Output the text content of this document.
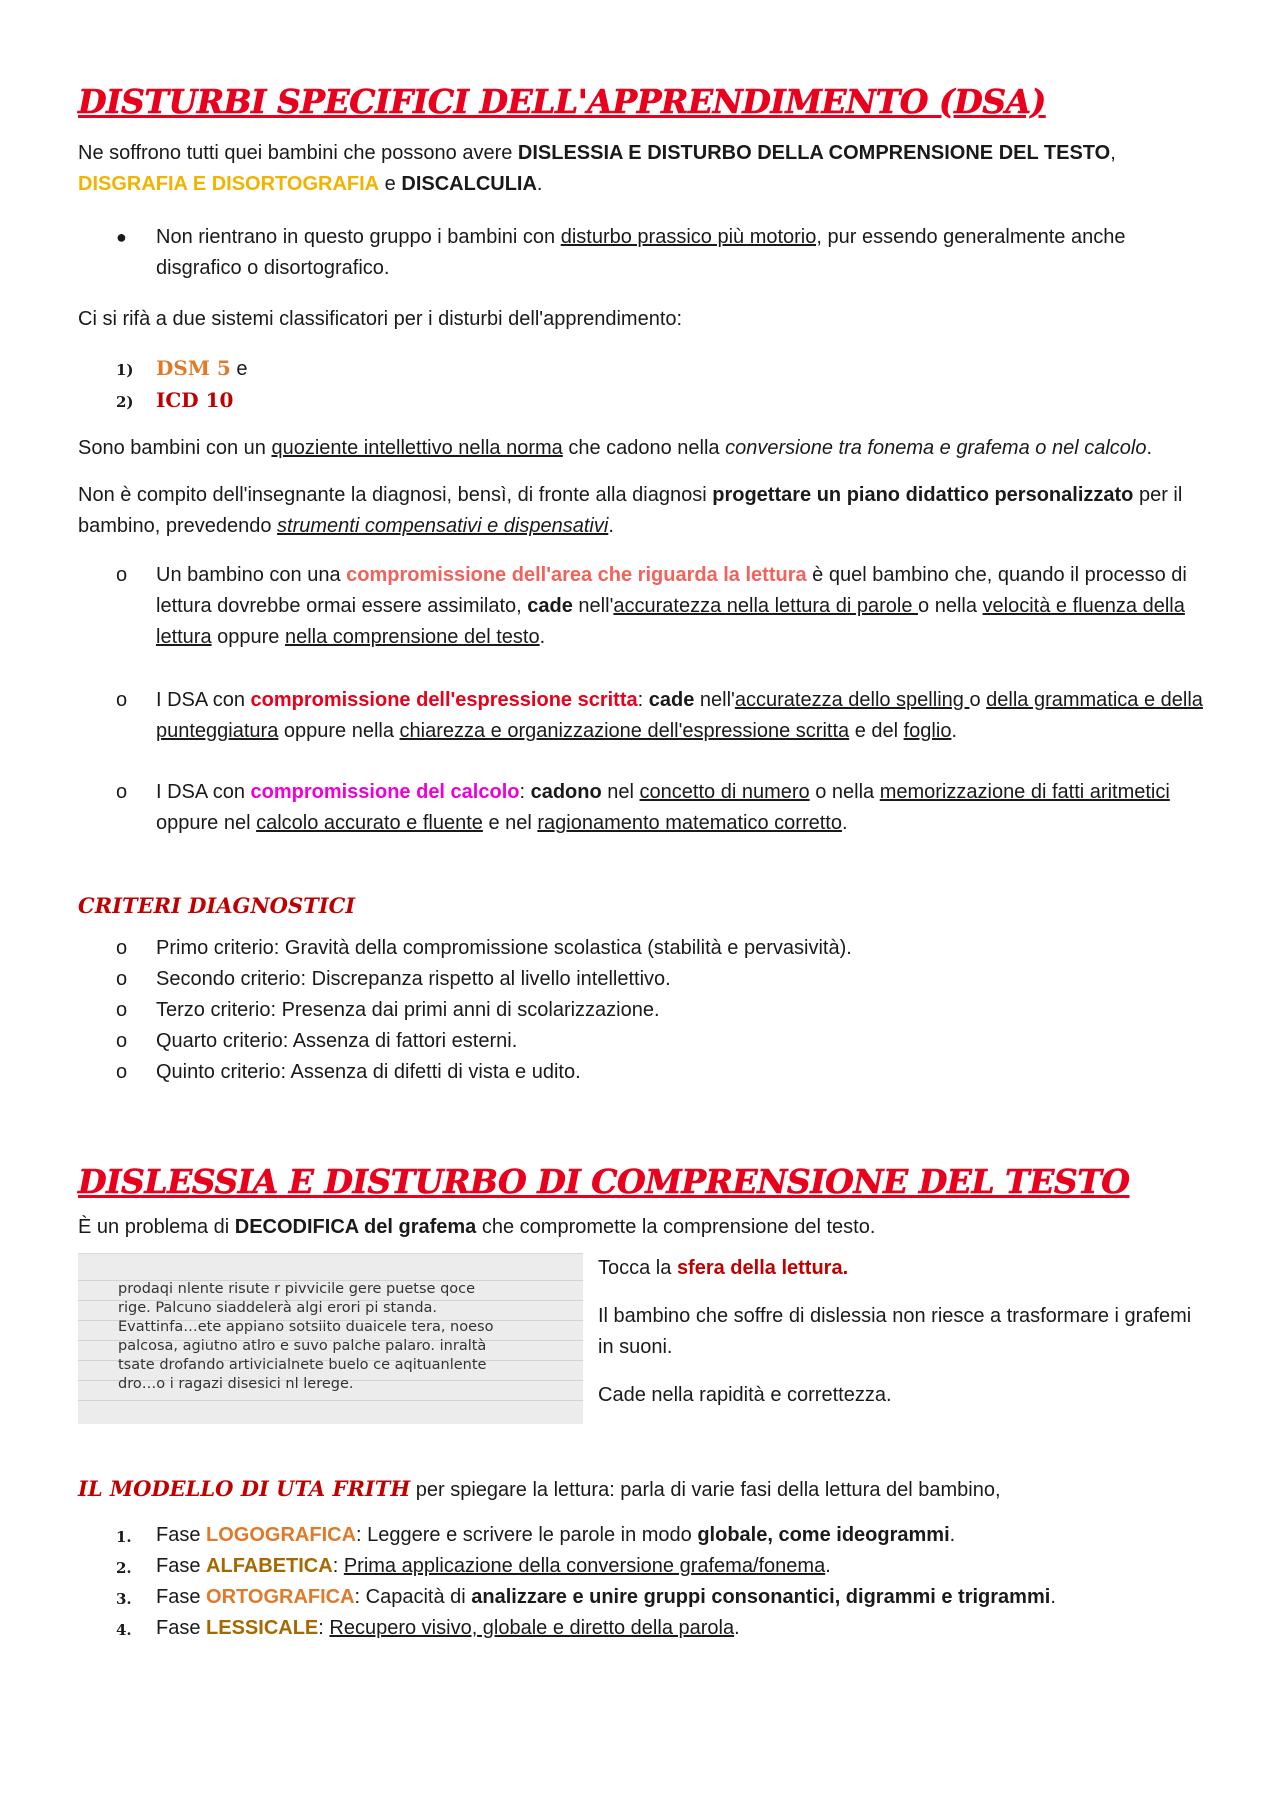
DISTURBI SPECIFICI DELL'APPRENDIMENTO (DSA)

Ne soffrono tutti quei bambini che possono avere DISLESSIA E DISTURBO DELLA COMPRENSIONE DEL TESTO,
DISGRAFIA E DISORTOGRAFIA e DISCALCULIA.

● Non rientrano in questo gruppo i bambini con disturbo prassico più motorio, pur essendo generalmente anche disgrafico o disortografico.

Ci si rifà a due sistemi classificatori per i disturbi dell'apprendimento:

1) DSM 5 e
2) ICD 10

Sono bambini con un quoziente intellettivo nella norma che cadono nella conversione tra fonema e grafema o nel calcolo.

Non è compito dell'insegnante la diagnosi, bensì, di fronte alla diagnosi progettare un piano didattico personalizzato per il bambino, prevedendo strumenti compensativi e dispensativi.

o Un bambino con una compromissione dell'area che riguarda la lettura è quel bambino che, quando il processo di lettura dovrebbe ormai essere assimilato, cade nell'accuratezza nella lettura di parole o nella velocità e fluenza della lettura oppure nella comprensione del testo.
o I DSA con compromissione dell'espressione scritta: cade nell'accuratezza dello spelling o della grammatica e della punteggiatura oppure nella chiarezza e organizzazione dell'espressione scritta e del foglio.
o I DSA con compromissione del calcolo: cadono nel concetto di numero o nella memorizzazione di fatti aritmetici oppure nel calcolo accurato e fluente e nel ragionamento matematico corretto.
CRITERI DIAGNOSTICI
o Primo criterio: Gravità della compromissione scolastica (stabilità e pervasività).
o Secondo criterio: Discrepanza rispetto al livello intellettivo.
o Terzo criterio: Presenza dai primi anni di scolarizzazione.
o Quarto criterio: Assenza di fattori esterni.
o Quinto criterio: Assenza di difetti di vista e udito.
DISLESSIA E DISTURBO DI COMPRENSIONE DEL TESTO

È un problema di DECODIFICA del grafema che compromette la comprensione del testo.

prodaqi nlente risute r pivvicile gere puetse qoce
rige. Palcuno siaddelerà algi erori pi standa.
Evattinfa…ete appiano sotsiito duaicele tera, noeso
palcosa, agiutno atlro e suvo palche palaro. inraltà
tsate drofando artivicialnete buelo ce aqituanlente
dro…o i ragazi disesici nl lerege.

Tocca la sfera della lettura.

Il bambino che soffre di dislessia non riesce a trasformare i grafemi in suoni.

Cade nella rapidità e correttezza.

IL MODELLO DI UTA FRITH per spiegare la lettura: parla di varie fasi della lettura del bambino,

1. Fase LOGOGRAFICA: Leggere e scrivere le parole in modo globale, come ideogrammi.
2. Fase ALFABETICA: Prima applicazione della conversione grafema/fonema.
3. Fase ORTOGRAFICA: Capacità di analizzare e unire gruppi consonantici, digrammi e trigrammi.
4. Fase LESSICALE: Recupero visivo, globale e diretto della parola.
